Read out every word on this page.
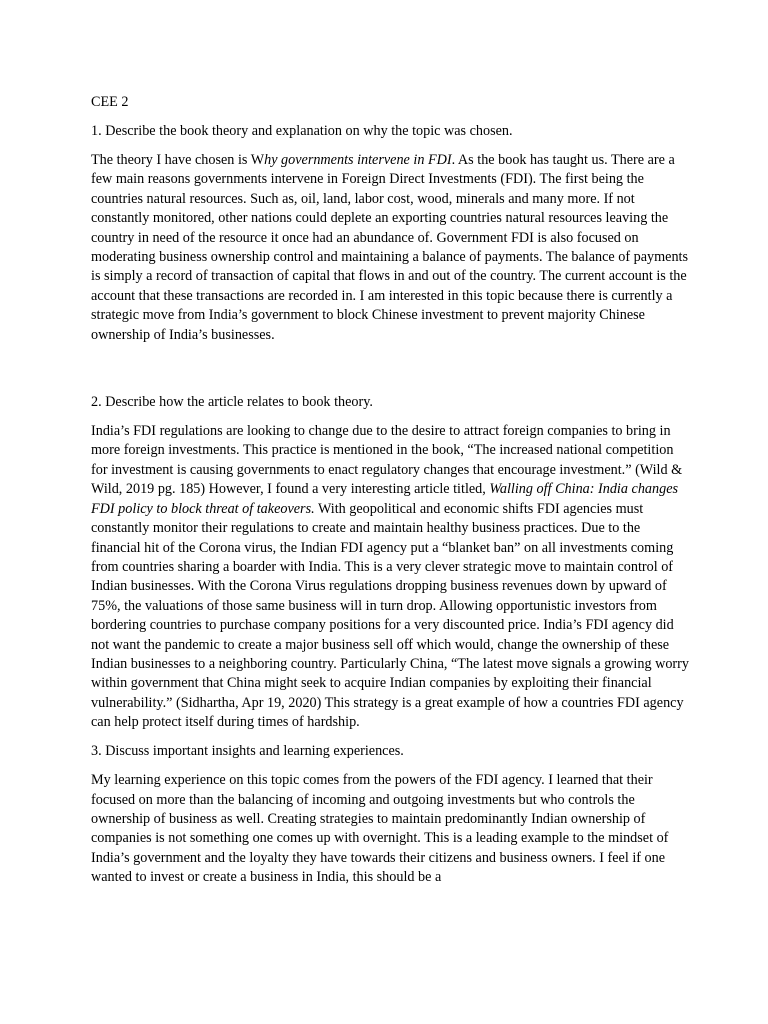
CEE 2

1. Describe the book theory and explanation on why the topic was chosen.

The theory I have chosen is Why governments intervene in FDI. As the book has taught us. There are a few main reasons governments intervene in Foreign Direct Investments (FDI). The first being the countries natural resources. Such as, oil, land, labor cost, wood, minerals and many more. If not constantly monitored, other nations could deplete an exporting countries natural resources leaving the country in need of the resource it once had an abundance of. Government FDI is also focused on moderating business ownership control and maintaining a balance of payments. The balance of payments is simply a record of transaction of capital that flows in and out of the country. The current account is the account that these transactions are recorded in. I am interested in this topic because there is currently a strategic move from India’s government to block Chinese investment to prevent majority Chinese ownership of India’s businesses.

2. Describe how the article relates to book theory.

India’s FDI regulations are looking to change due to the desire to attract foreign companies to bring in more foreign investments. This practice is mentioned in the book, “The increased national competition for investment is causing governments to enact regulatory changes that encourage investment.” (Wild & Wild, 2019 pg. 185) However, I found a very interesting article titled, Walling off China: India changes FDI policy to block threat of takeovers. With geopolitical and economic shifts FDI agencies must constantly monitor their regulations to create and maintain healthy business practices. Due to the financial hit of the Corona virus, the Indian FDI agency put a “blanket ban” on all investments coming from countries sharing a boarder with India. This is a very clever strategic move to maintain control of Indian businesses. With the Corona Virus regulations dropping business revenues down by upward of 75%, the valuations of those same business will in turn drop. Allowing opportunistic investors from bordering countries to purchase company positions for a very discounted price. India’s FDI agency did not want the pandemic to create a major business sell off which would, change the ownership of these Indian businesses to a neighboring country. Particularly China, “The latest move signals a growing worry within government that China might seek to acquire Indian companies by exploiting their financial vulnerability.” (Sidhartha, Apr 19, 2020) This strategy is a great example of how a countries FDI agency can help protect itself during times of hardship.

3. Discuss important insights and learning experiences.

My learning experience on this topic comes from the powers of the FDI agency. I learned that their focused on more than the balancing of incoming and outgoing investments but who controls the ownership of business as well. Creating strategies to maintain predominantly Indian ownership of companies is not something one comes up with overnight. This is a leading example to the mindset of India’s government and the loyalty they have towards their citizens and business owners. I feel if one wanted to invest or create a business in India, this should be a
